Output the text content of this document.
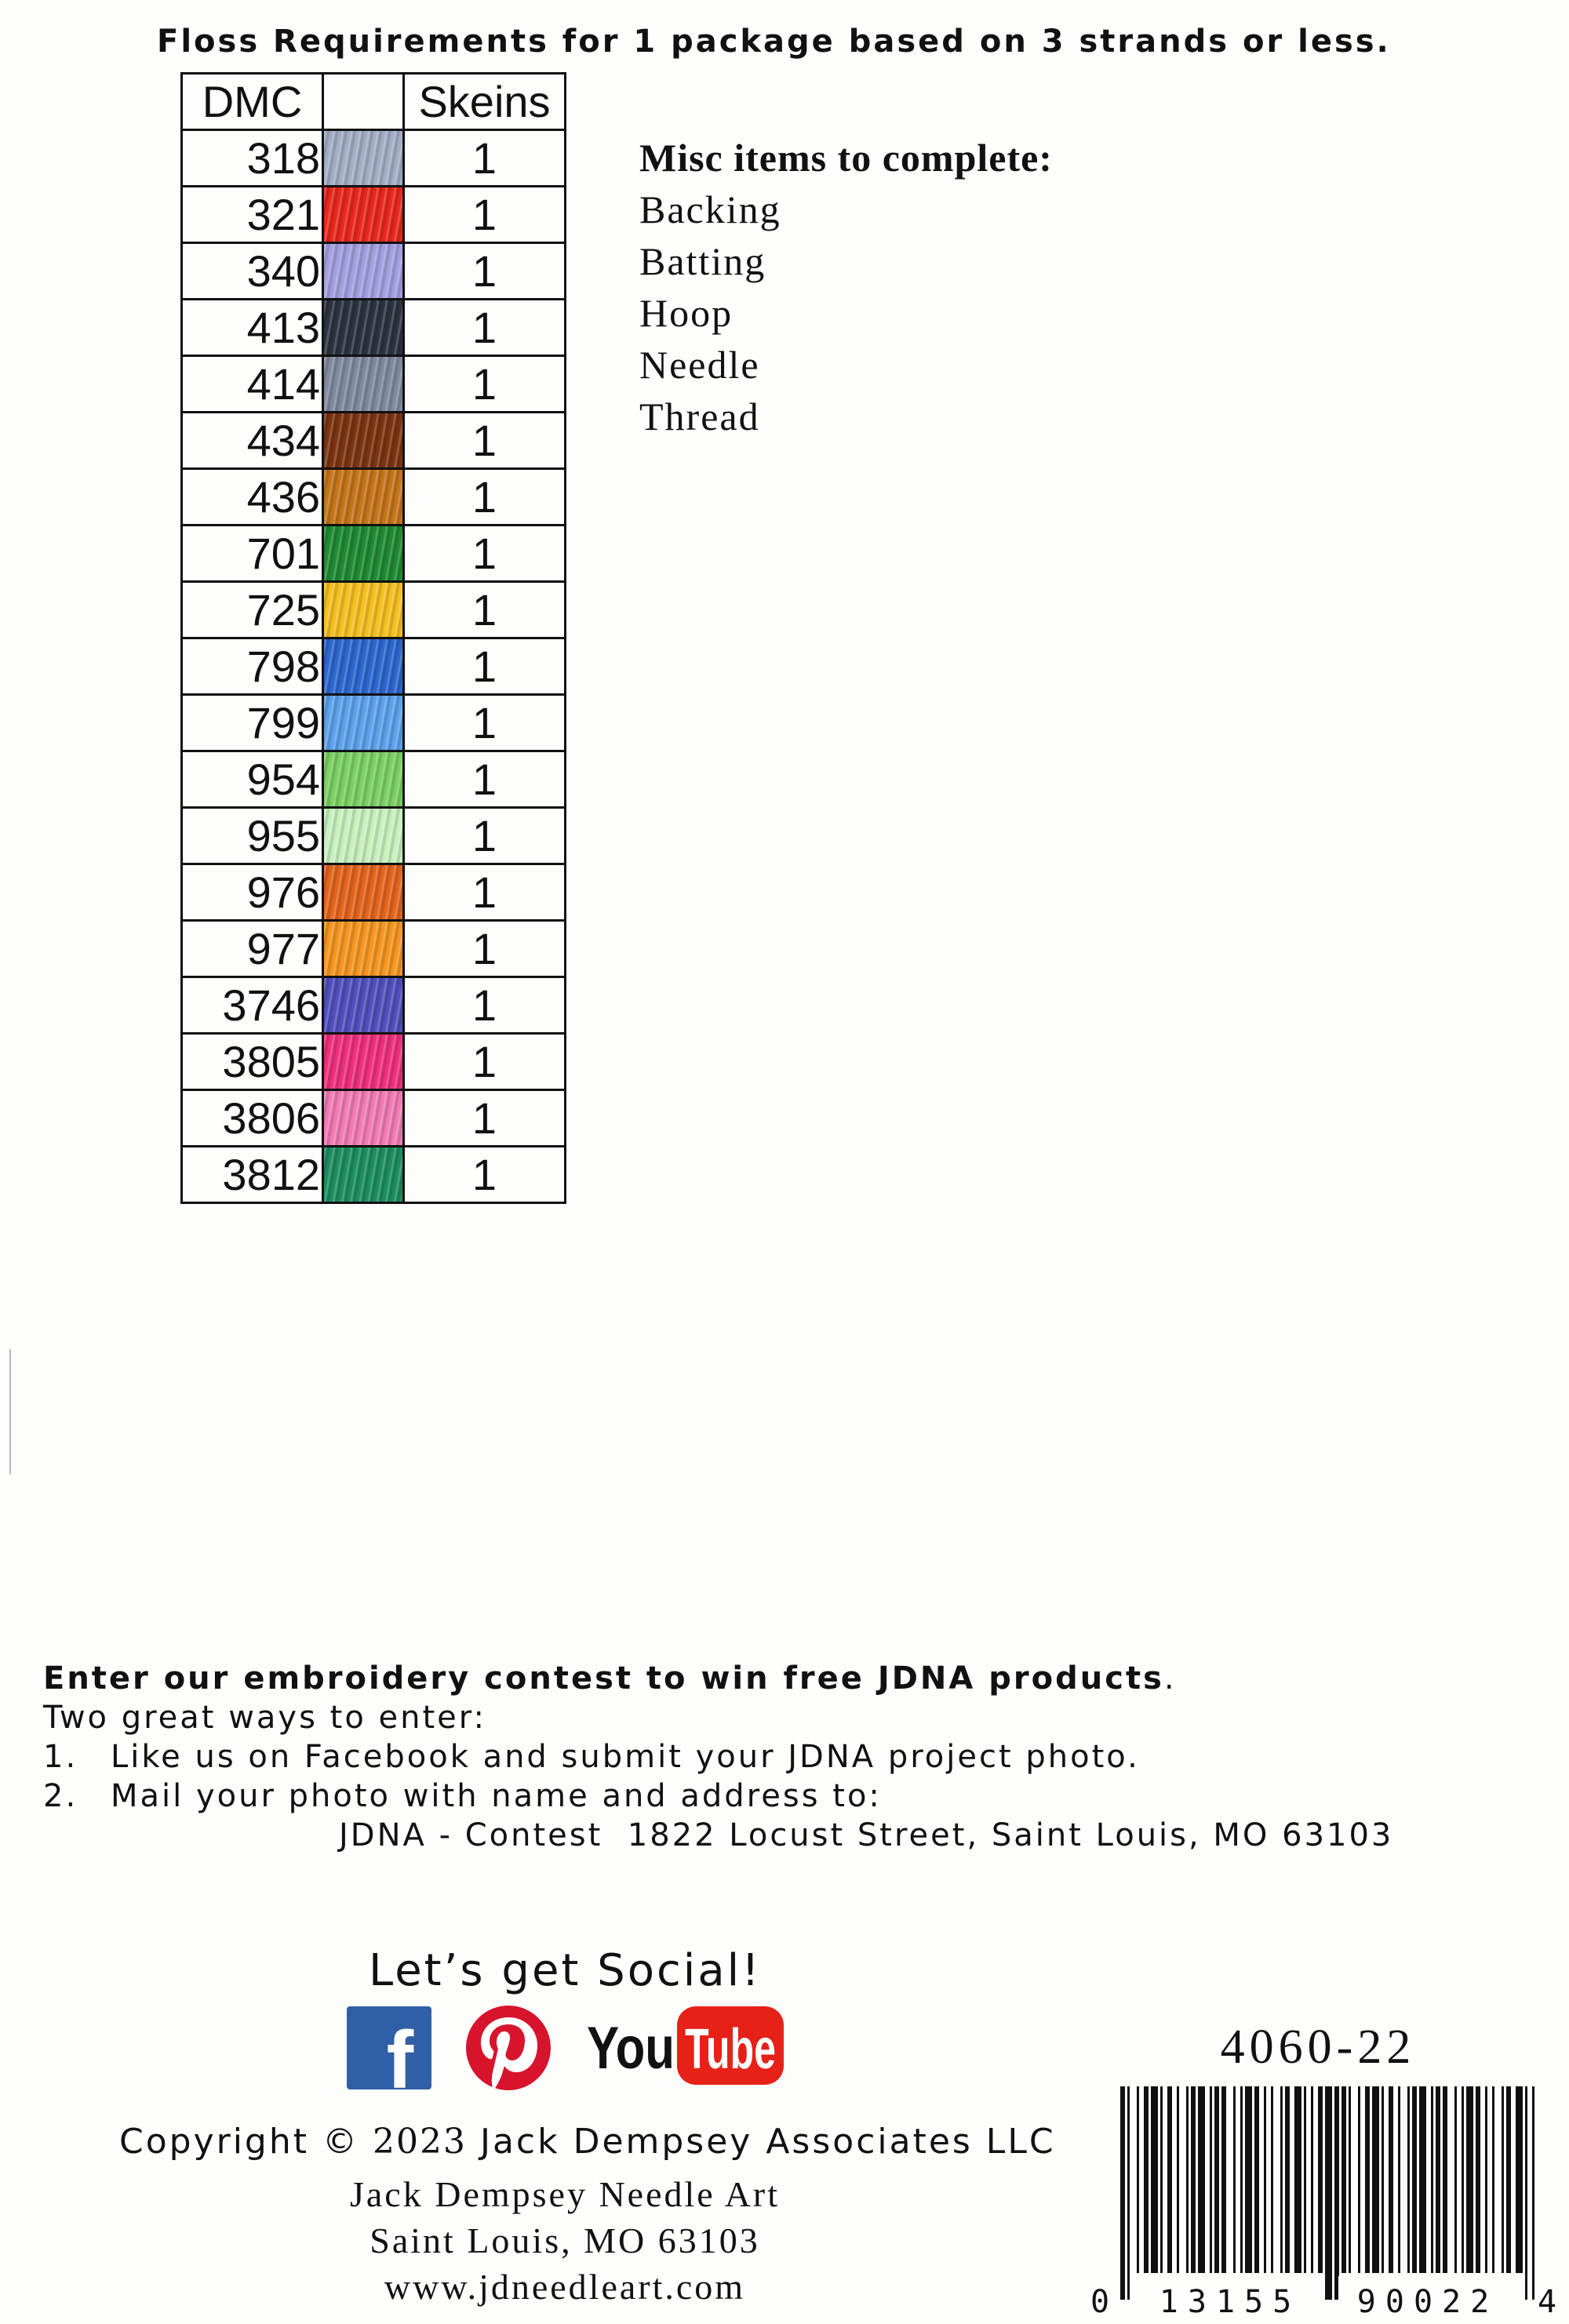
Floss Requirements for 1 package based on 3 strands or less.
DMC		Skeins
318		1
321		1
340		1
413		1
414		1
434		1
436		1
701		1
725		1
798		1
799		1
954		1
955		1
976		1
977		1
3746		1
3805		1
3806		1
3812		1
Misc items to complete:
Backing
Batting
Hoop
Needle
Thread
Enter our embroidery contest to win free JDNA products.
Two great ways to enter:
1.	Like us on Facebook and submit your JDNA project photo.
2.	Mail your photo with name and address to:
JDNA - Contest  1822 Locust Street, Saint Louis, MO 63103
Let’s get Social!
f	You Tube
Copyright © 2023 Jack Dempsey Associates LLC
Jack Dempsey Needle Art
Saint Louis, MO 63103
www.jdneedleart.com
4060-22
0 13155 90022 4
